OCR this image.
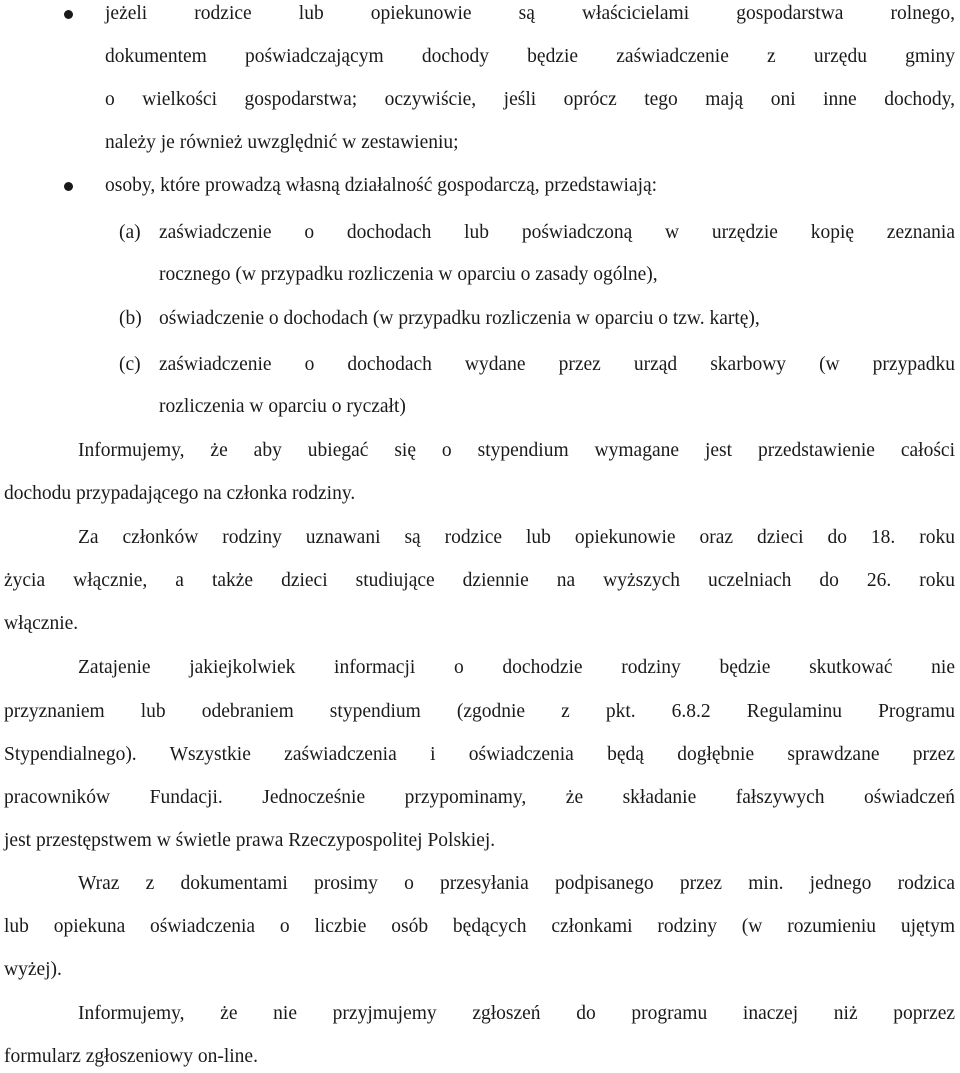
jeżeli rodzice lub opiekunowie są właścicielami gospodarstwa rolnego,
dokumentem poświadczającym dochody będzie zaświadczenie z urzędu gminy
o wielkości gospodarstwa; oczywiście, jeśli oprócz tego mają oni inne dochody,
należy je również uwzględnić w zestawieniu;
osoby, które prowadzą własną działalność gospodarczą, przedstawiają:
(a) zaświadczenie o dochodach lub poświadczoną w urzędzie kopię zeznania
rocznego (w przypadku rozliczenia w oparciu o zasady ogólne),
(b) oświadczenie o dochodach (w przypadku rozliczenia w oparciu o tzw. kartę),
(c) zaświadczenie o dochodach wydane przez urząd skarbowy (w przypadku
rozliczenia w oparciu o ryczałt)
Informujemy, że aby ubiegać się o stypendium wymagane jest przedstawienie całości
dochodu przypadającego na członka rodziny.
Za członków rodziny uznawani są rodzice lub opiekunowie oraz dzieci do 18. roku
życia włącznie, a także dzieci studiujące dziennie na wyższych uczelniach do 26. roku
włącznie.
Zatajenie jakiejkolwiek informacji o dochodzie rodziny będzie skutkować nie
przyznaniem lub odebraniem stypendium (zgodnie z pkt. 6.8.2 Regulaminu Programu
Stypendialnego). Wszystkie zaświadczenia i oświadczenia będą dogłębnie sprawdzane przez
pracowników Fundacji. Jednocześnie przypominamy, że składanie fałszywych oświadczeń
jest przestępstwem w świetle prawa Rzeczypospolitej Polskiej.
Wraz z dokumentami prosimy o przesyłania podpisanego przez min. jednego rodzica
lub opiekuna oświadczenia o liczbie osób będących członkami rodziny (w rozumieniu ujętym
wyżej).
Informujemy, że nie przyjmujemy zgłoszeń do programu inaczej niż poprzez
formularz zgłoszeniowy on-line.
